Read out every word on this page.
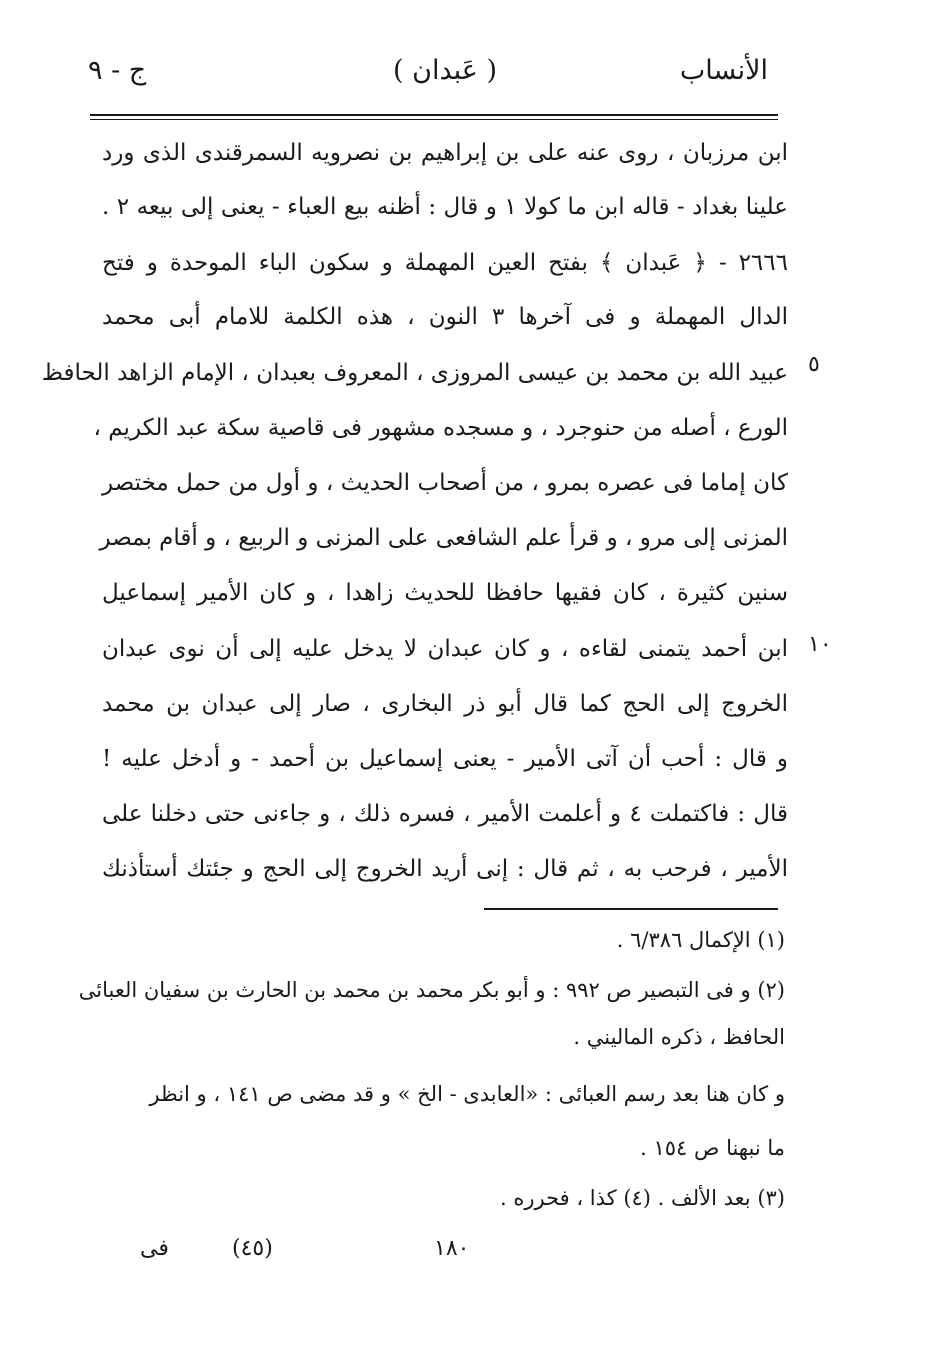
الأنساب
( عَبدان )
ج - ٩
ابن مرزبان ، روى عنه على بن إبراهيم بن نصرويه السمرقندى الذى ورد
علينا بغداد - قاله ابن ما كولا ١ و قال : أظنه بيع العباء - يعنى إلى بيعه ٢ .
٢٦٦٦ - ﴿ عَبدان ﴾ بفتح العين المهملة و سكون الباء الموحدة و فتح
الدال المهملة و فى آخرها ٣ النون ، هذه الكلمة للامام أبى محمد
عبيد الله بن محمد بن عيسى المروزى ، المعروف بعبدان ، الإمام الزاهد الحافظ
الورع ، أصله من حنوجرد ، و مسجده مشهور فى قاصية سكة عبد الكريم ،
كان إماما فى عصره بمرو ، من أصحاب الحديث ، و أول من حمل مختصر
المزنى إلى مرو ، و قرأ علم الشافعى على المزنى و الربيع ، و أقام بمصر
سنين كثيرة ، كان فقيها حافظا للحديث زاهدا ، و كان الأمير إسماعيل
ابن أحمد يتمنى لقاءه ، و كان عبدان لا يدخل عليه إلى أن نوى عبدان
الخروج إلى الحج كما قال أبو ذر البخارى ، صار إلى عبدان بن محمد
و قال : أحب أن آتى الأمير - يعنى إسماعيل بن أحمد - و أدخل عليه !
قال : فاكتملت ٤ و أعلمت الأمير ، فسره ذلك ، و جاءنى حتى دخلنا على
الأمير ، فرحب به ، ثم قال : إنى أريد الخروج إلى الحج و جئتك أستأذنك
٥
١٠
(١) الإكمال ٦/٣٨٦ .
(٢) و فى التبصير ص ٩٩٢ : و أبو بكر محمد بن محمد بن الحارث بن سفيان العبائى
الحافظ ، ذكره الماليني .
و كان هنا بعد رسم العبائى : «العابدى - الخ » و قد مضى ص ١٤١ ، و انظر
ما نبهنا ص ١٥٤ .
(٣) بعد الألف . (٤) كذا ، فحرره .
١٨٠
(٤٥)
فى
